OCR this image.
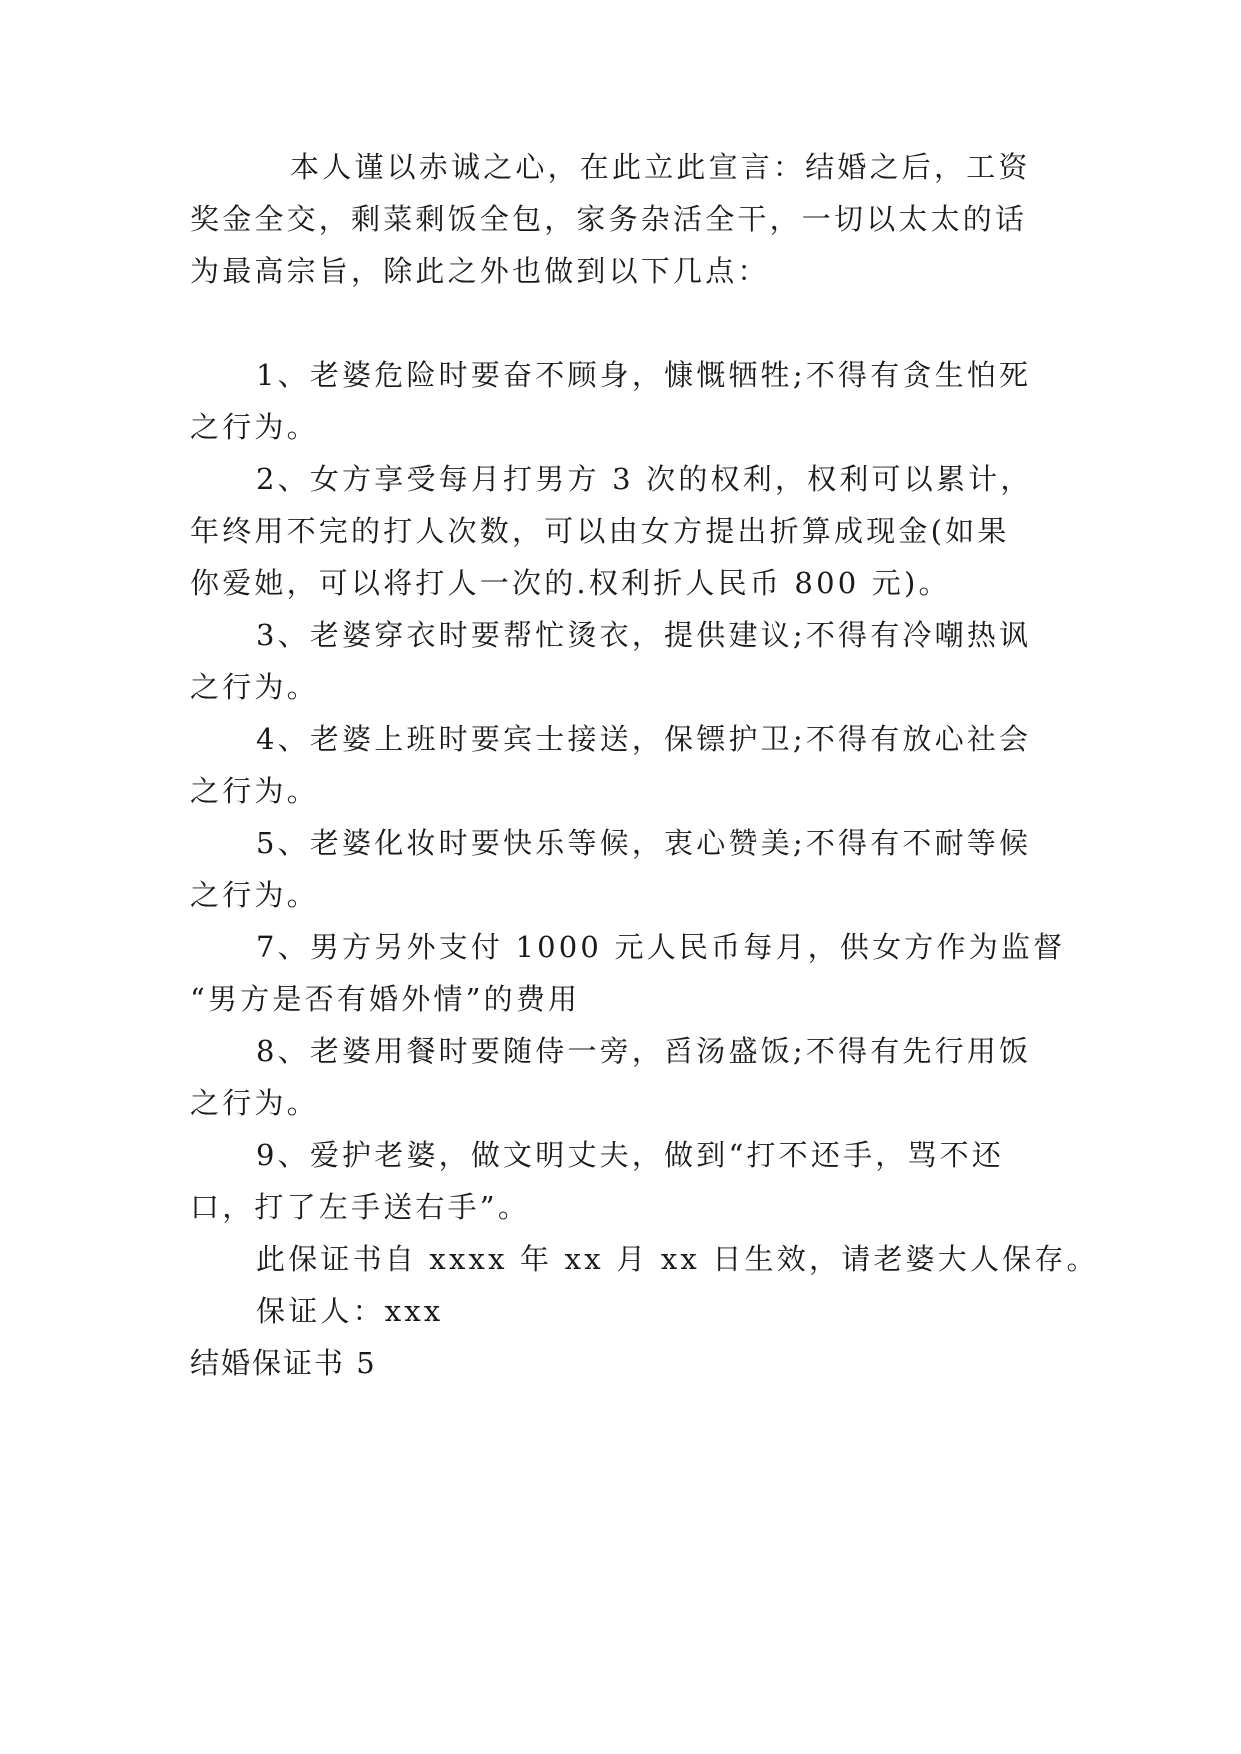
本人谨以赤诚之心，在此立此宣言：结婚之后，工资

奖金全交，剩菜剩饭全包，家务杂活全干，一切以太太的话

为最高宗旨，除此之外也做到以下几点：

1、老婆危险时要奋不顾身，慷慨牺牲;不得有贪生怕死

之行为。

2、女方享受每月打男方 3 次的权利，权利可以累计，

年终用不完的打人次数，可以由女方提出折算成现金(如果

你爱她，可以将打人一次的.权利折人民币 800 元)。

3、老婆穿衣时要帮忙烫衣，提供建议;不得有冷嘲热讽

之行为。

4、老婆上班时要宾士接送，保镖护卫;不得有放心社会

之行为。

5、老婆化妆时要快乐等候，衷心赞美;不得有不耐等候

之行为。

7、男方另外支付 1000 元人民币每月，供女方作为监督

“男方是否有婚外情”的费用

8、老婆用餐时要随侍一旁，舀汤盛饭;不得有先行用饭

之行为。

9、爱护老婆，做文明丈夫，做到“打不还手，骂不还

口，打了左手送右手”。

此保证书自 xxxx 年 xx 月 xx 日生效，请老婆大人保存。

保证人：xxx

结婚保证书 5
